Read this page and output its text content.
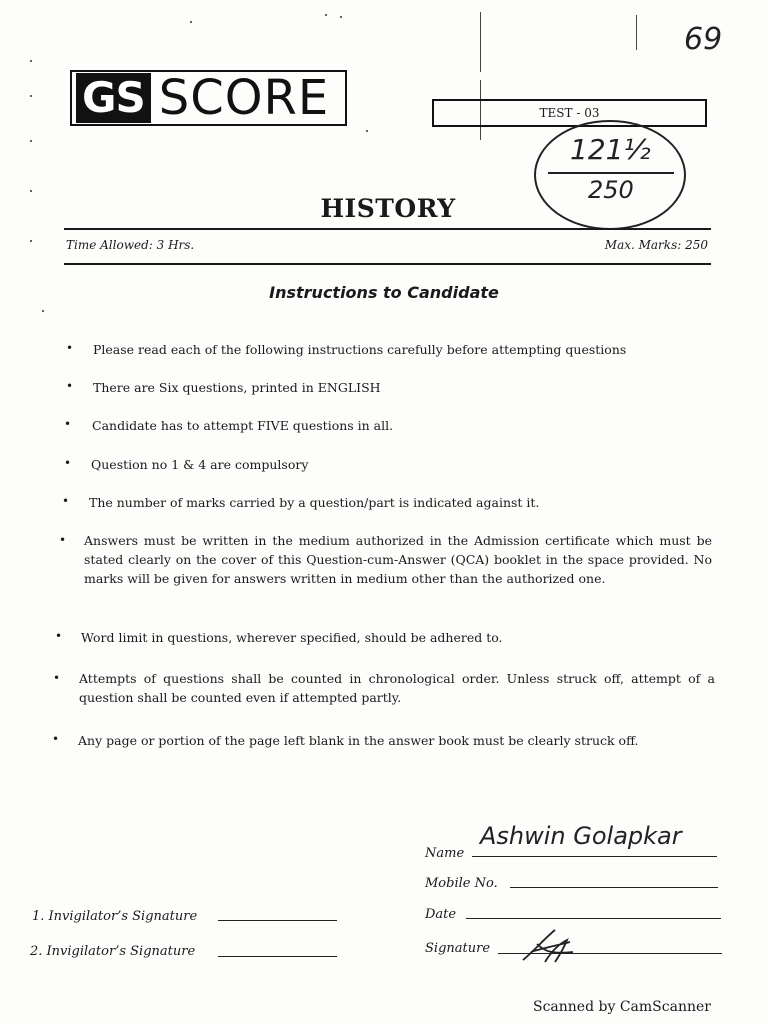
69
GS SCORE	TEST - 03
121½
250
HISTORY
Time Allowed: 3 Hrs.	Max. Marks: 250
Instructions to Candidate
• Please read each of the following instructions carefully before attempting questions
• There are Six questions, printed in ENGLISH
• Candidate has to attempt FIVE questions in all.
• Question no 1 & 4 are compulsory
• The number of marks carried by a question/part is indicated against it.
• Answers must be written in the medium authorized in the Admission certificate which must be stated clearly on the cover of this Question-cum-Answer (QCA) booklet in the space provided. No marks will be given for answers written in medium other than the authorized one.
• Word limit in questions, wherever specified, should be adhered to.
• Attempts of questions shall be counted in chronological order. Unless struck off, attempt of a question shall be counted even if attempted partly.
• Any page or portion of the page left blank in the answer book must be clearly struck off.
Name
Ashwin Golapkar
Mobile No.
Date
Signature
1. Invigilator’s Signature
2. Invigilator’s Signature
Scanned by CamScanner
